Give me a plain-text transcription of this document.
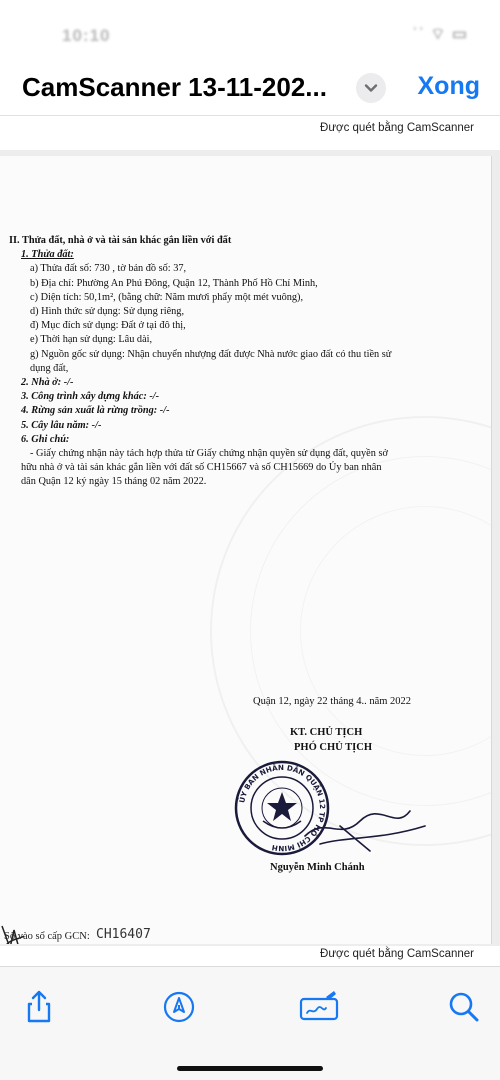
10:10	ʾʾ ⌔ ▭
CamScanner 13-11-202...	Xong
Được quét bằng CamScanner
II. Thửa đất, nhà ở và tài sản khác gắn liền với đất
1. Thửa đất:
a) Thửa đất số: 730 , tờ bản đồ số: 37,
b) Địa chỉ: Phường An Phú Đông, Quận 12, Thành Phố Hồ Chí Minh,
c) Diện tích: 50,1m², (bằng chữ: Năm mươi phẩy một mét vuông),
d) Hình thức sử dụng: Sử dụng riêng,
đ) Mục đích sử dụng: Đất ở tại đô thị,
e) Thời hạn sử dụng: Lâu dài,
g) Nguồn gốc sử dụng: Nhận chuyển nhượng đất được Nhà nước giao đất có thu tiền sử
dụng đất,
2. Nhà ở: -/-
3. Công trình xây dựng khác: -/-
4. Rừng sản xuất là rừng trồng: -/-
5. Cây lâu năm: -/-
6. Ghi chú:
- Giấy chứng nhận này tách hợp thửa từ Giấy chứng nhận quyền sử dụng đất, quyền sở
hữu nhà ở và tài sản khác gắn liền với đất số CH15667 và số CH15669 do Ủy ban nhân
dân Quận 12 ký ngày 15 tháng 02 năm 2022.
Quận 12, ngày 22 tháng 4.. năm 2022
KT. CHỦ TỊCH
PHÓ CHỦ TỊCH
ỦY BAN NHÂN DÂN QUẬN 12 TP HỒ CHÍ MINH
Nguyễn Minh Chánh
Số vào sổ cấp GCN: CH16407
Được quét bằng CamScanner
